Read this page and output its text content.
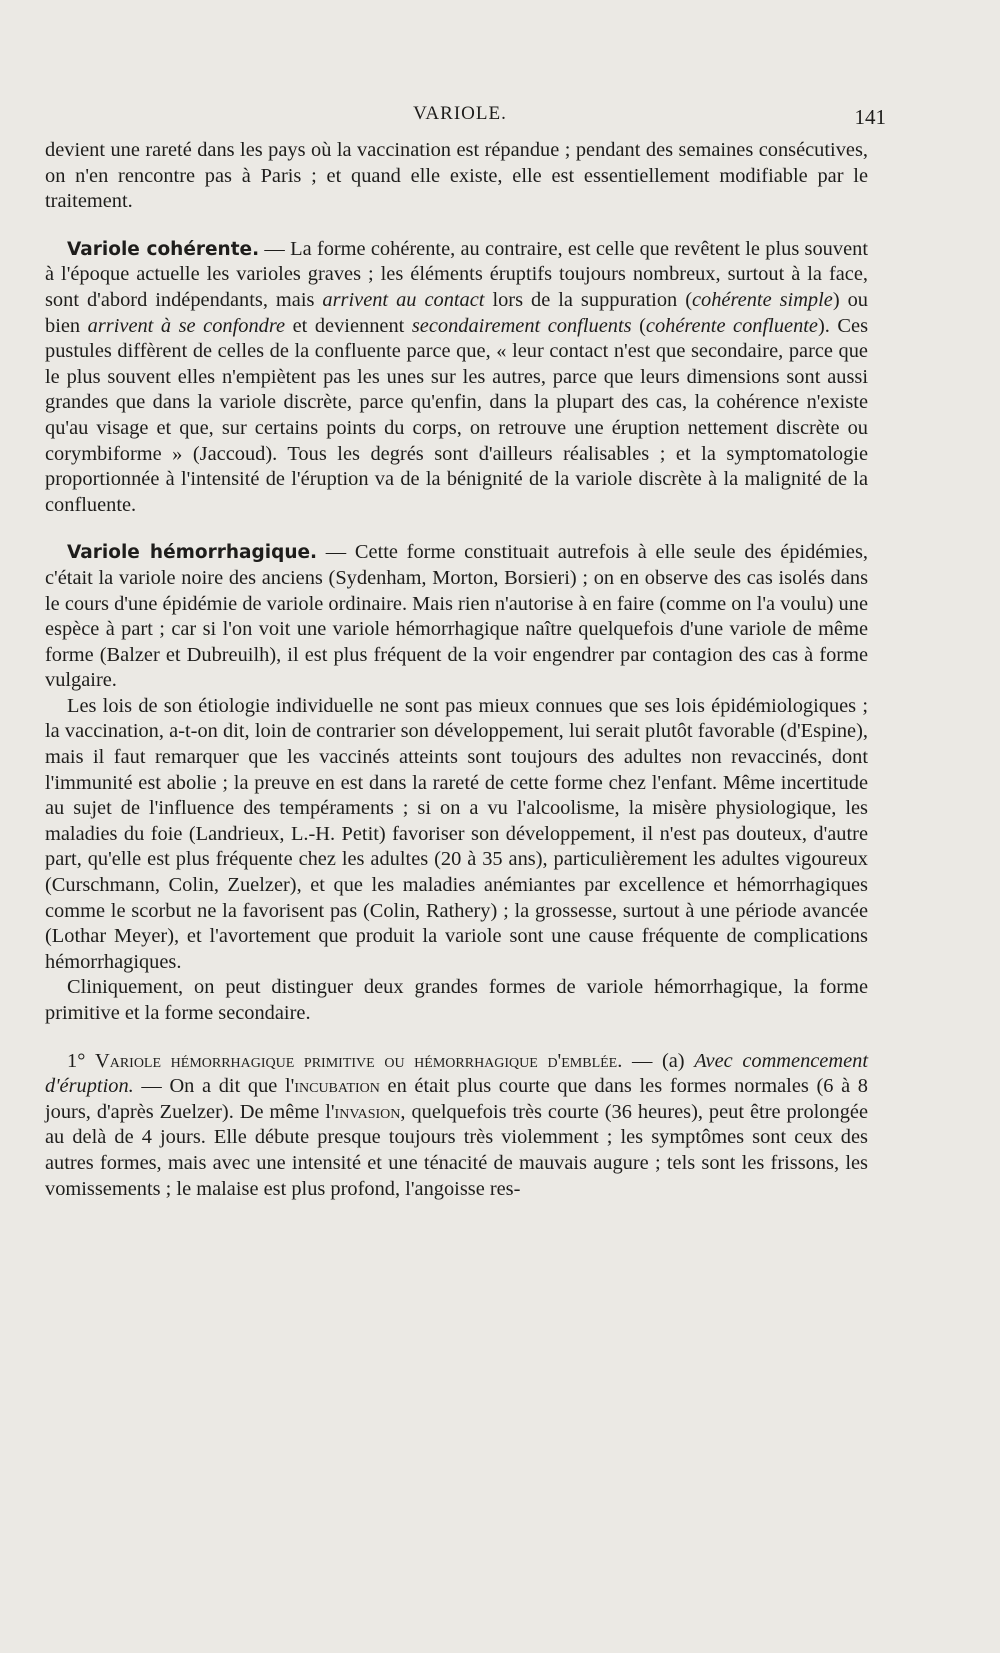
VARIOLE.	141

devient une rareté dans les pays où la vaccination est répandue ; pendant des semaines consécutives, on n'en rencontre pas à Paris ; et quand elle existe, elle est essentiellement modifiable par le traitement.

Variole cohérente. — La forme cohérente, au contraire, est celle que revêtent le plus souvent à l'époque actuelle les varioles graves ; les éléments éruptifs toujours nombreux, surtout à la face, sont d'abord indépendants, mais arrivent au contact lors de la suppuration (cohérente simple) ou bien arrivent à se confondre et deviennent secondairement confluents (cohérente confluente). Ces pustules diffèrent de celles de la confluente parce que, « leur contact n'est que secondaire, parce que le plus souvent elles n'empiètent pas les unes sur les autres, parce que leurs dimensions sont aussi grandes que dans la variole discrète, parce qu'enfin, dans la plupart des cas, la cohérence n'existe qu'au visage et que, sur certains points du corps, on retrouve une éruption nettement discrète ou corymbiforme » (Jaccoud). Tous les degrés sont d'ailleurs réalisables ; et la symptomatologie proportionnée à l'intensité de l'éruption va de la bénignité de la variole discrète à la malignité de la confluente.

Variole hémorrhagique. — Cette forme constituait autrefois à elle seule des épidémies, c'était la variole noire des anciens (Sydenham, Morton, Borsieri) ; on en observe des cas isolés dans le cours d'une épidémie de variole ordinaire. Mais rien n'autorise à en faire (comme on l'a voulu) une espèce à part ; car si l'on voit une variole hémorrhagique naître quelquefois d'une variole de même forme (Balzer et Dubreuilh), il est plus fréquent de la voir engendrer par contagion des cas à forme vulgaire.

Les lois de son étiologie individuelle ne sont pas mieux connues que ses lois épidémiologiques ; la vaccination, a-t-on dit, loin de contrarier son développement, lui serait plutôt favorable (d'Espine), mais il faut remarquer que les vaccinés atteints sont toujours des adultes non revaccinés, dont l'immunité est abolie ; la preuve en est dans la rareté de cette forme chez l'enfant. Même incertitude au sujet de l'influence des tempéraments ; si on a vu l'alcoolisme, la misère physiologique, les maladies du foie (Landrieux, L.-H. Petit) favoriser son développement, il n'est pas douteux, d'autre part, qu'elle est plus fréquente chez les adultes (20 à 35 ans), particulièrement les adultes vigoureux (Curschmann, Colin, Zuelzer), et que les maladies anémiantes par excellence et hémorrhagiques comme le scorbut ne la favorisent pas (Colin, Rathery) ; la grossesse, surtout à une période avancée (Lothar Meyer), et l'avortement que produit la variole sont une cause fréquente de complications hémorrhagiques.

Cliniquement, on peut distinguer deux grandes formes de variole hémorrhagique, la forme primitive et la forme secondaire.

1° Variole hémorrhagique primitive ou hémorrhagique d'emblée. — (a) Avec commencement d'éruption. — On a dit que l'incubation en était plus courte que dans les formes normales (6 à 8 jours, d'après Zuelzer). De même l'invasion, quelquefois très courte (36 heures), peut être prolongée au delà de 4 jours. Elle débute presque toujours très violemment ; les symptômes sont ceux des autres formes, mais avec une intensité et une ténacité de mauvais augure ; tels sont les frissons, les vomissements ; le malaise est plus profond, l'angoisse res-
